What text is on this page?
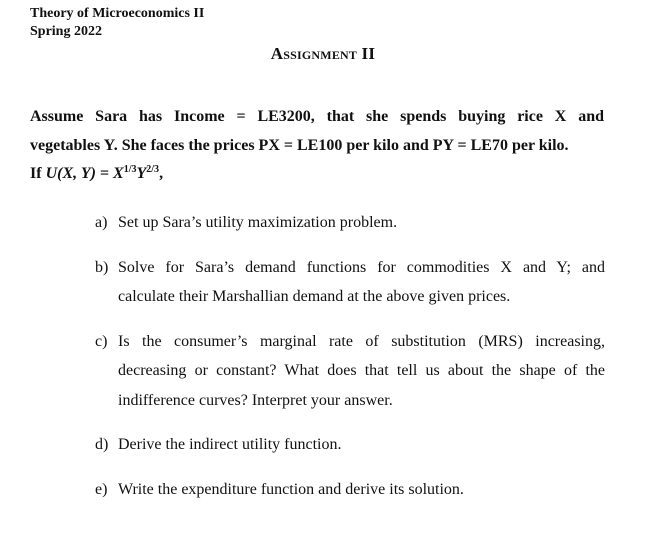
Theory of Microeconomics II
Spring 2022
Assignment II
Assume Sara has Income = LE3200, that she spends buying rice X and
vegetables Y. She faces the prices PX = LE100 per kilo and PY = LE70 per kilo.
If U(X, $Y) = X^{1/3}Y^{2/3}$,
a) Set up Sara’s utility maximization problem.
b) Solve for Sara’s demand functions for commodities X and Y; and
calculate their Marshallian demand at the above given prices.
c) Is the consumer’s marginal rate of substitution (MRS) increasing,
decreasing or constant? What does that tell us about the shape of the
indifference curves? Interpret your answer.
d) Derive the indirect utility function.
e) Write the expenditure function and derive its solution.
